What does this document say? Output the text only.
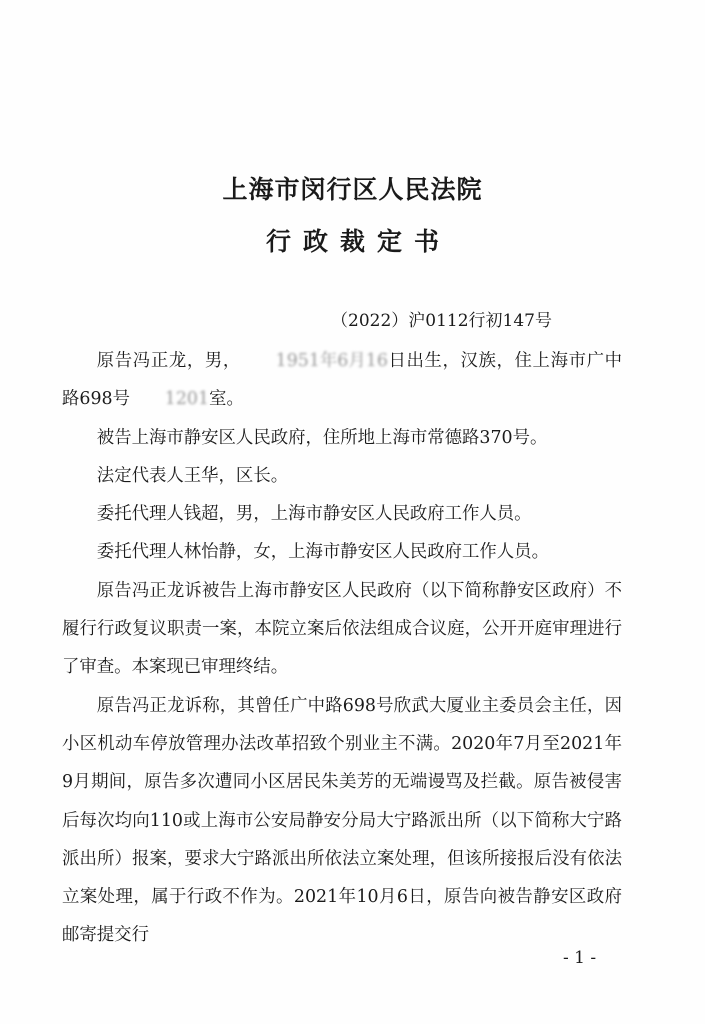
上海市闵行区人民法院
行政裁定书
（2022）沪0112行初147号

原告冯正龙，男， 1951年6月16日出生，汉族，住上海市广中路698号 1201室。

被告上海市静安区人民政府，住所地上海市常德路370号。

法定代表人王华，区长。

委托代理人钱超，男，上海市静安区人民政府工作人员。

委托代理人林怡静，女，上海市静安区人民政府工作人员。

原告冯正龙诉被告上海市静安区人民政府（以下简称静安区政府）不履行行政复议职责一案，本院立案后依法组成合议庭，公开开庭审理进行了审查。本案现已审理终结。

原告冯正龙诉称，其曾任广中路698号欣武大厦业主委员会主任，因小区机动车停放管理办法改革招致个别业主不满。2020年7月至2021年9月期间，原告多次遭同小区居民朱美芳的无端谩骂及拦截。原告被侵害后每次均向110或上海市公安局静安分局大宁路派出所（以下简称大宁路派出所）报案，要求大宁路派出所依法立案处理，但该所接报后没有依法立案处理，属于行政不作为。2021年10月6日，原告向被告静安区政府邮寄提交行

- 1 -
